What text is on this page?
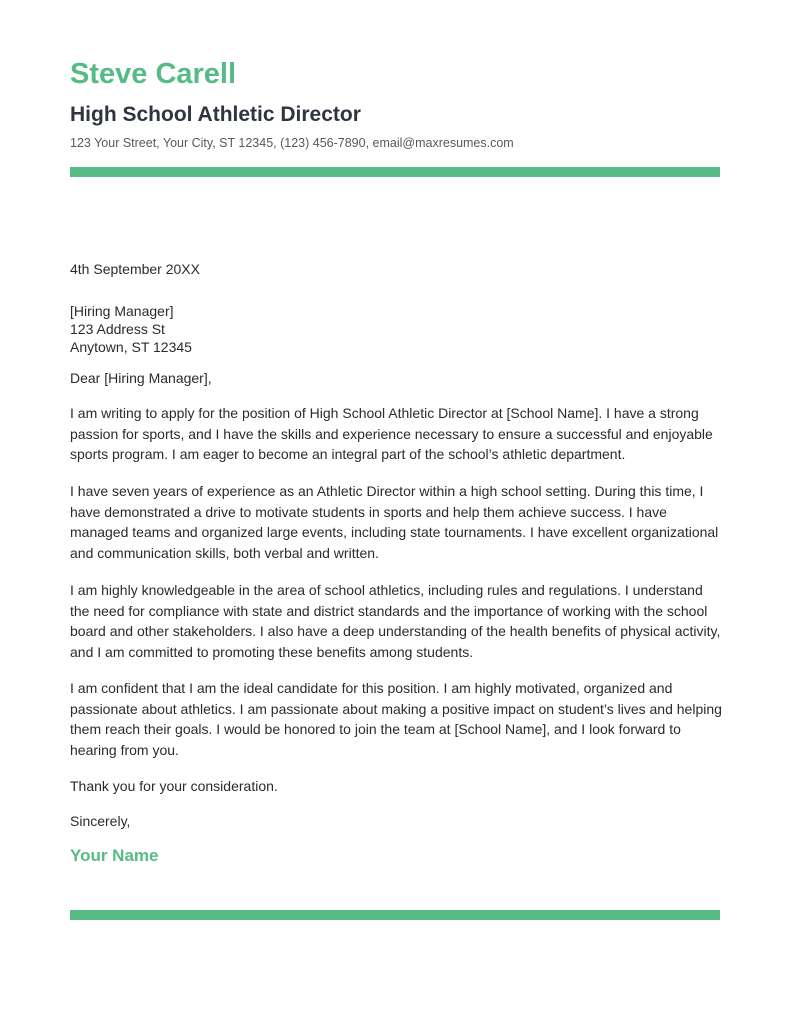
Steve Carell
High School Athletic Director
123 Your Street, Your City, ST 12345, (123) 456-7890, email@maxresumes.com
4th September 20XX
[Hiring Manager]
123 Address St
Anytown, ST 12345
Dear [Hiring Manager],
I am writing to apply for the position of High School Athletic Director at [School Name]. I have a strong passion for sports, and I have the skills and experience necessary to ensure a successful and enjoyable sports program. I am eager to become an integral part of the school’s athletic department.
I have seven years of experience as an Athletic Director within a high school setting. During this time, I have demonstrated a drive to motivate students in sports and help them achieve success. I have managed teams and organized large events, including state tournaments. I have excellent organizational and communication skills, both verbal and written.
I am highly knowledgeable in the area of school athletics, including rules and regulations. I understand the need for compliance with state and district standards and the importance of working with the school board and other stakeholders. I also have a deep understanding of the health benefits of physical activity, and I am committed to promoting these benefits among students.
I am confident that I am the ideal candidate for this position. I am highly motivated, organized and passionate about athletics. I am passionate about making a positive impact on student’s lives and helping them reach their goals. I would be honored to join the team at [School Name], and I look forward to hearing from you.
Thank you for your consideration.
Sincerely,
Your Name
